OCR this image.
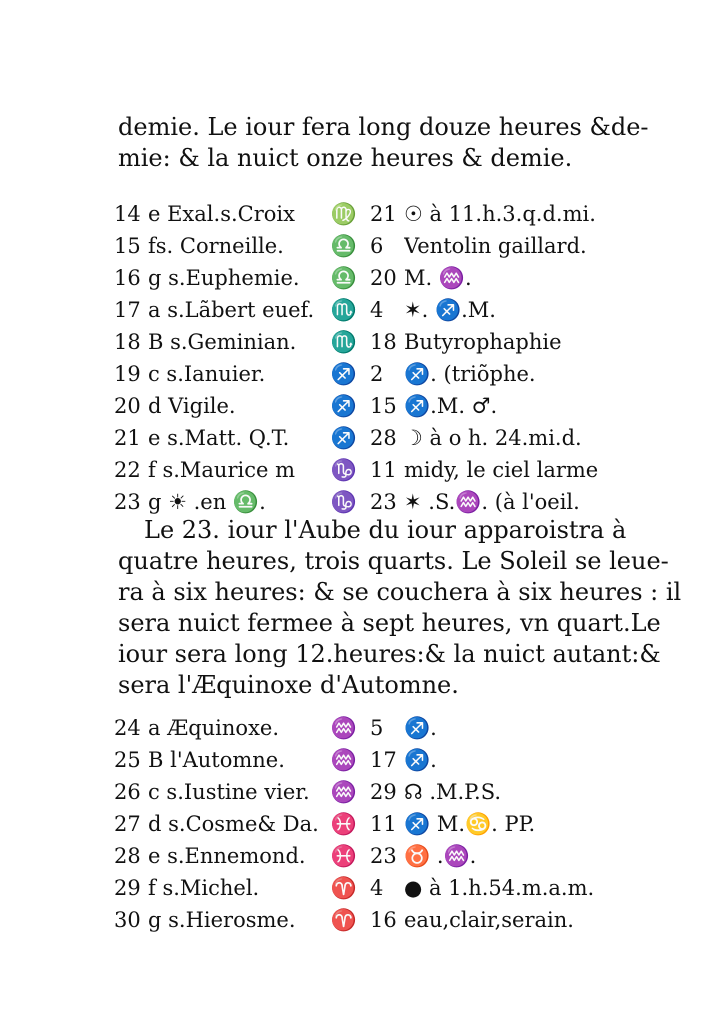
demie. Le iour fera long douze heures &de-
mie: & la nuict onze heures & demie.
14 e Exal.s.Croix	♍ 21 ☉ à 11.h.3.q.d.mi.
15 fs. Corneille.	♎ 6 Ventolin gaillard.
16 g s.Euphemie.	♎ 20 M. ♒.
17 a s.Lãbert euef. ♏ 4 ✶. ♐.M.
18 B s.Geminian.	♏ 18 Butyrophaphie
19 c s.Ianuier.	♐ 2 ♐. (triõphe.
20 d Vigile.	♐ 15 ♐.M. ♂.
21 e s.Matt. Q.T.	♐ 28 ☽ à o h. 24.mi.d.
22 f s.Maurice m	♑ 11 midy, le ciel larme
23 g ☀ .en ♎.	♑ 23 ✶ .S.♒. (à l'oeil.
Le 23. iour l'Aube du iour apparoistra à
quatre heures, trois quarts. Le Soleil se leue-
ra à six heures: & se couchera à six heures : il
sera nuict fermee à sept heures, vn quart.Le
iour sera long 12.heures:& la nuict autant:&
sera l'Æquinoxe d'Automne.
24 a Æquinoxe.	♒ 5 ♐.
25 B l'Automne.	♒ 17 ♐.
26 c s.Iustine vier.	♒ 29 ☊ .M.P.S.
27 d s.Cosme& Da. ♓ 11 ♐ M.♋. PP.
28 e s.Ennemond.	♓ 23 ♉ .♒.
29 f s.Michel.	♈ 4 ● à 1.h.54.m.a.m.
30 g s.Hierosme.	♈ 16 eau,clair,serain.
